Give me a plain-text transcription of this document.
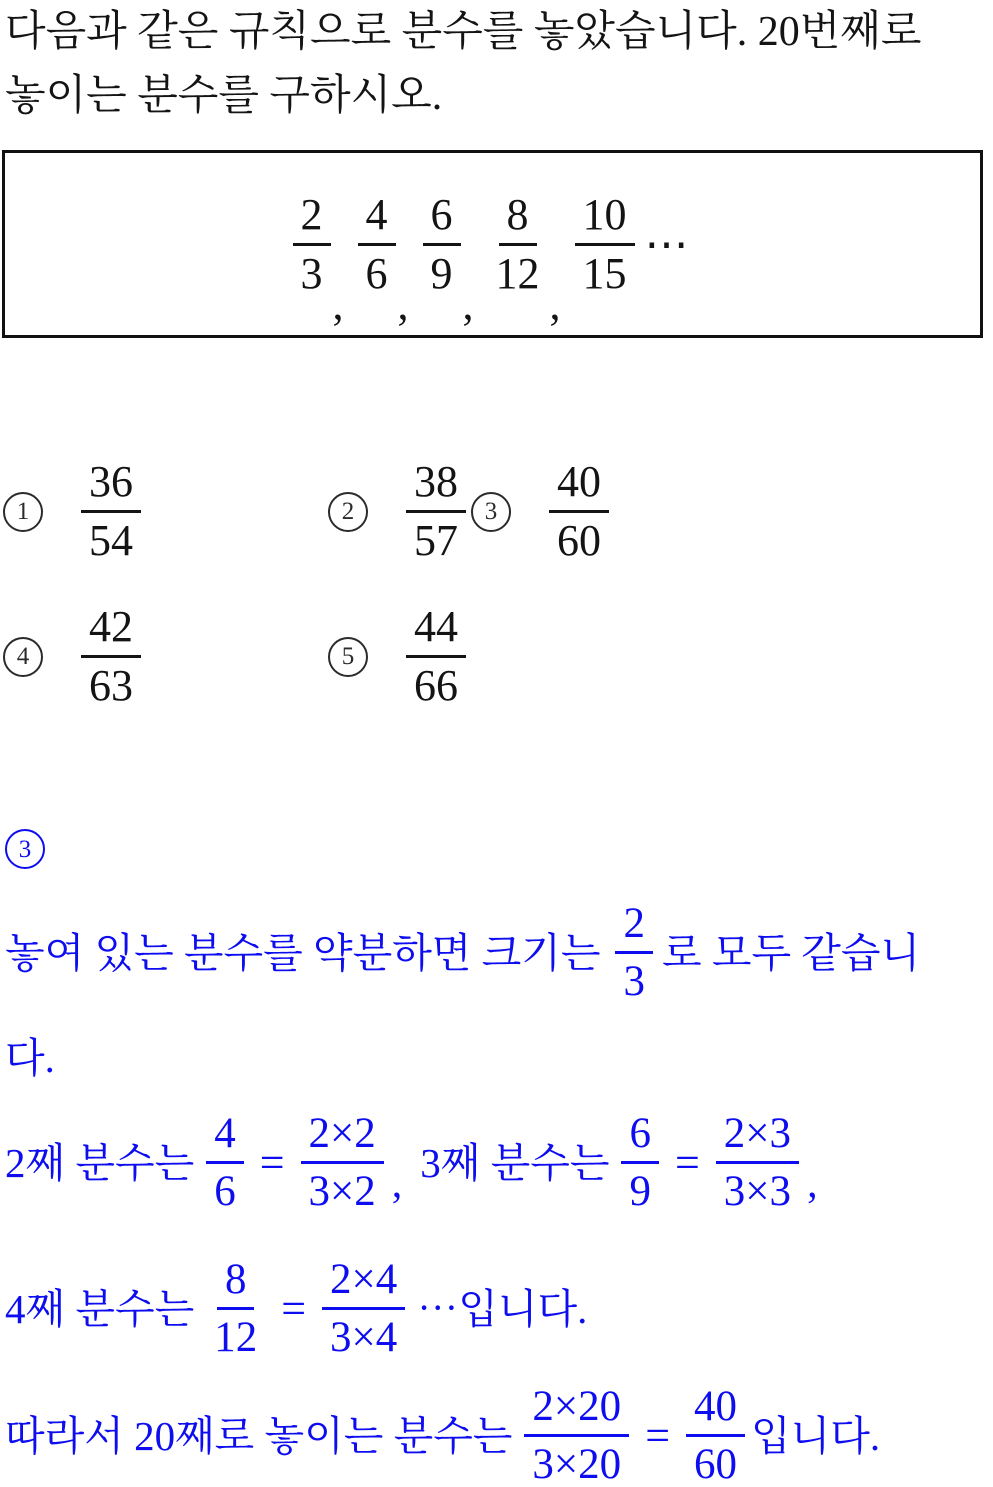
다음과 같은 규칙으로 분수를 놓았습니다. 20번째로
놓이는 분수를 구하시오.
$\frac{2}{3}$
,
$\frac{4}{6}$
,
$\frac{6}{9}$
,
$\frac{8}{12}$
,
$\frac{10}{15}$ ⋯
$1 \frac{36}{54}$	$2 \frac{38}{57} 3 \frac{40}{60}$
$4 \frac{42}{63}$	$5 \frac{44}{66}$
3
놓여 있는 분수를 약분하면 크기는 $\frac{2}{3}$ 로 모두 같습니
다.
2째 분수는 $\frac{4}{6} = \frac{2\times 2}{3\times 2}$ , 3째 분수는 $\frac{6}{9} = \frac{2\times 3}{3\times 3}$ ,
4째 분수는 $\frac{8}{12} = \frac{2\times 4}{3\times 4}$ ⋯입니다.
따라서 20째로 놓이는 분수는 $\frac{2\times 20}{3\times 20} = \frac{40}{60}$ 입니다.
